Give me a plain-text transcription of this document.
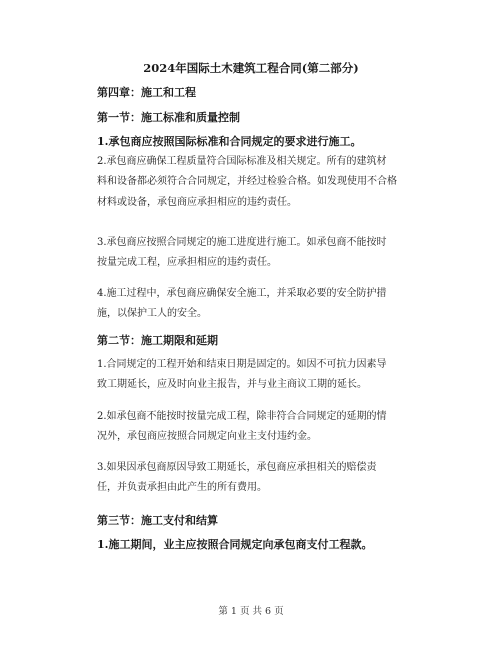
2024年国际土木建筑工程合同(第二部分)
第四章：施工和工程
第一节：施工标准和质量控制
1.承包商应按照国际标准和合同规定的要求进行施工。
2.承包商应确保工程质量符合国际标准及相关规定。所有的建筑材
料和设备都必须符合合同规定，并经过检验合格。如发现使用不合格
材料或设备，承包商应承担相应的违约责任。
3.承包商应按照合同规定的施工进度进行施工。如承包商不能按时
按量完成工程，应承担相应的违约责任。
4.施工过程中，承包商应确保安全施工，并采取必要的安全防护措
施，以保护工人的安全。
第二节：施工期限和延期
1.合同规定的工程开始和结束日期是固定的。如因不可抗力因素导
致工期延长，应及时向业主报告，并与业主商议工期的延长。
2.如承包商不能按时按量完成工程，除非符合合同规定的延期的情
况外，承包商应按照合同规定向业主支付违约金。
3.如果因承包商原因导致工期延长，承包商应承担相关的赔偿责
任，并负责承担由此产生的所有费用。
第三节：施工支付和结算
1.施工期间，业主应按照合同规定向承包商支付工程款。
第 1 页 共 6 页
